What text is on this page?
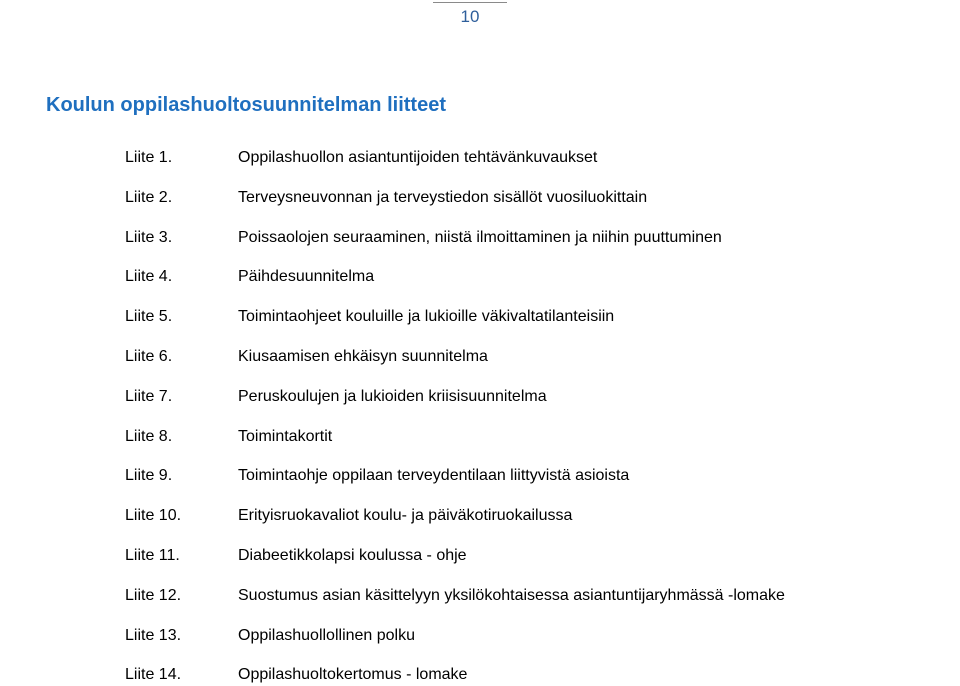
10
Koulun oppilashuoltosuunnitelman liitteet
Liite 1.	Oppilashuollon asiantuntijoiden tehtävänkuvaukset
Liite 2.	Terveysneuvonnan ja terveystiedon sisällöt vuosiluokittain
Liite 3.	Poissaolojen seuraaminen, niistä ilmoittaminen ja niihin puuttuminen
Liite 4.	Päihdesuunnitelma
Liite 5.	Toimintaohjeet kouluille ja lukioille väkivaltatilanteisiin
Liite 6.	Kiusaamisen ehkäisyn suunnitelma
Liite 7.	Peruskoulujen ja lukioiden kriisisuunnitelma
Liite 8.	Toimintakortit
Liite 9.	Toimintaohje oppilaan terveydentilaan liittyvistä asioista
Liite 10.	Erityisruokavaliot koulu- ja päiväkotiruokailussa
Liite 11.	Diabeetikkolapsi koulussa - ohje
Liite 12.	Suostumus asian käsittelyyn yksilökohtaisessa asiantuntijaryhmässä -lomake
Liite 13.	Oppilashuollollinen polku
Liite 14.	Oppilashuoltokertomus - lomake
